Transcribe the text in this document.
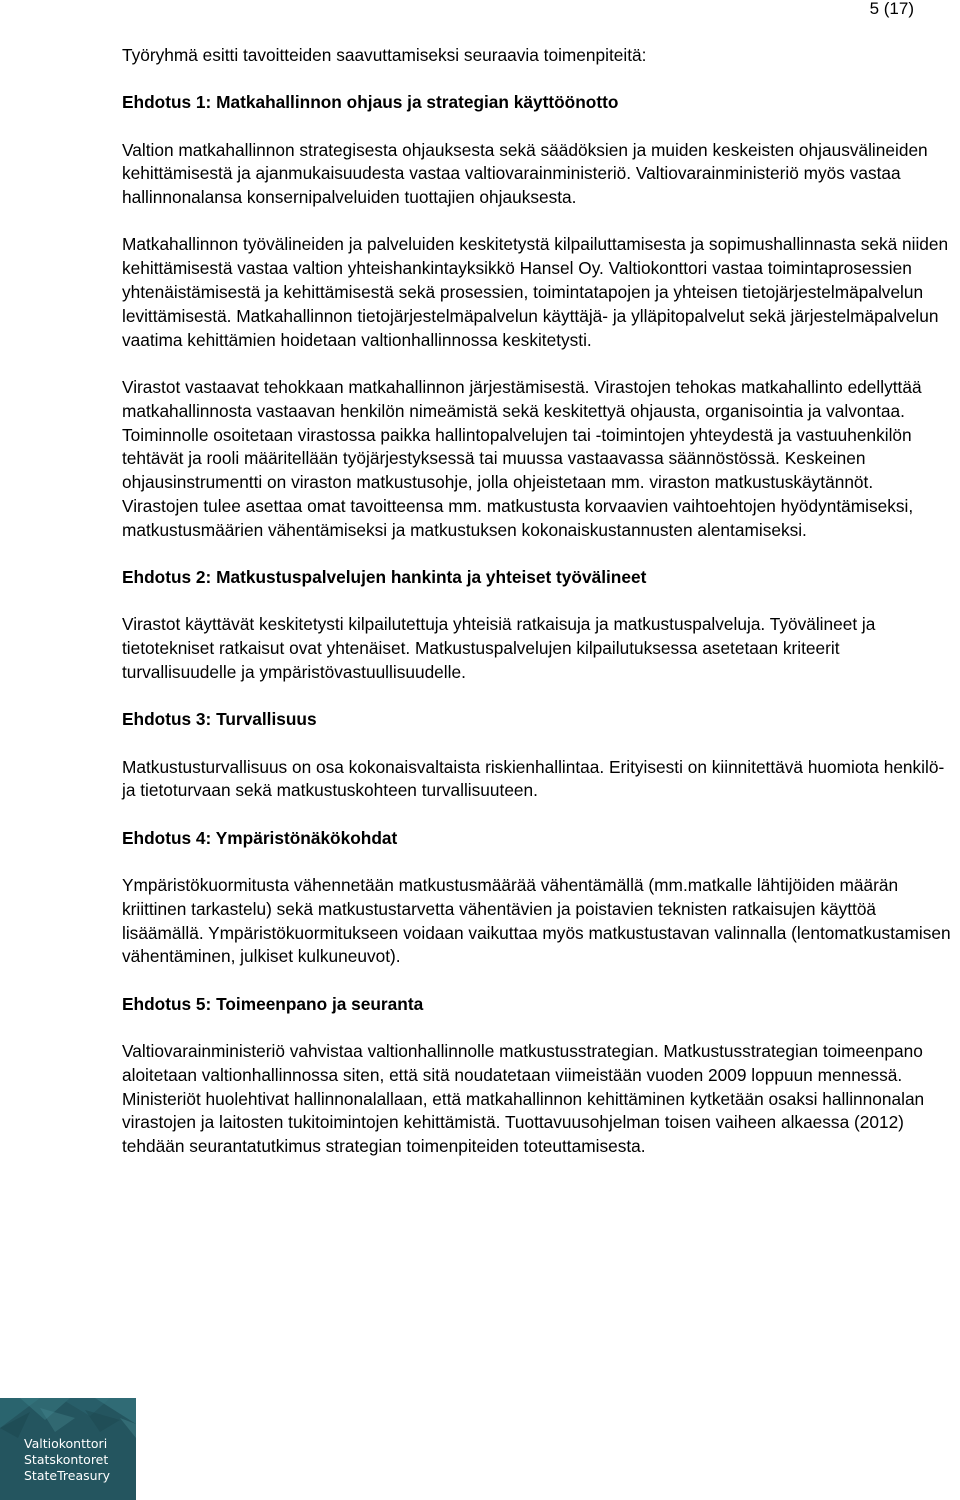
5 (17)

Työryhmä esitti tavoitteiden saavuttamiseksi seuraavia toimenpiteitä:

Ehdotus 1: Matkahallinnon ohjaus ja strategian käyttöönotto

Valtion matkahallinnon strategisesta ohjauksesta sekä säädöksien ja muiden keskeisten ohjausvälineiden kehittämisestä ja ajanmukaisuudesta vastaa valtiovarainministeriö. Valtiovarainministeriö myös vastaa hallinnonalansa konsernipalveluiden tuottajien ohjauksesta.

Matkahallinnon työvälineiden ja palveluiden keskitetystä kilpailuttamisesta ja sopimushallinnasta sekä niiden kehittämisestä vastaa valtion yhteishankintayksikkö Hansel Oy. Valtiokonttori vastaa toimintaprosessien yhtenäistämisestä ja kehittämisestä sekä prosessien, toimintatapojen ja yhteisen tietojärjestelmäpalvelun levittämisestä. Matkahallinnon tietojärjestelmäpalvelun käyttäjä- ja ylläpitopalvelut sekä järjestelmäpalvelun vaatima kehittämien hoidetaan valtionhallinnossa keskitetysti.

Virastot vastaavat tehokkaan matkahallinnon järjestämisestä. Virastojen tehokas matkahallinto edellyttää matkahallinnosta vastaavan henkilön nimeämistä sekä keskitettyä ohjausta, organisointia ja valvontaa. Toiminnolle osoitetaan virastossa paikka hallintopalvelujen tai -toimintojen yhteydestä ja vastuuhenkilön tehtävät ja rooli määritellään työjärjestyksessä tai muussa vastaavassa säännöstössä. Keskeinen ohjausinstrumentti on viraston matkustusohje, jolla ohjeistetaan mm. viraston matkustuskäytännöt. Virastojen tulee asettaa omat tavoitteensa mm. matkustusta korvaavien vaihtoehtojen hyödyntämiseksi, matkustusmäärien vähentämiseksi ja matkustuksen kokonaiskustannusten alentamiseksi.

Ehdotus 2: Matkustuspalvelujen hankinta ja yhteiset työvälineet

Virastot käyttävät keskitetysti kilpailutettuja yhteisiä ratkaisuja ja matkustuspalveluja. Työvälineet ja tietotekniset ratkaisut ovat yhtenäiset. Matkustuspalvelujen kilpailutuksessa asetetaan kriteerit turvallisuudelle ja ympäristövastuullisuudelle.

Ehdotus 3: Turvallisuus

Matkustusturvallisuus on osa kokonaisvaltaista riskienhallintaa. Erityisesti on kiinnitettävä huomiota henkilö- ja tietoturvaan sekä matkustuskohteen turvallisuuteen.

Ehdotus 4: Ympäristönäkökohdat

Ympäristökuormitusta vähennetään matkustusmäärää vähentämällä (mm.matkalle lähtijöiden määrän kriittinen tarkastelu) sekä matkustustarvetta vähentävien ja poistavien teknisten ratkaisujen käyttöä lisäämällä. Ympäristökuormitukseen voidaan vaikuttaa myös matkustustavan valinnalla (lentomatkustamisen vähentäminen, julkiset kulkuneuvot).

Ehdotus 5: Toimeenpano ja seuranta

Valtiovarainministeriö vahvistaa valtionhallinnolle matkustusstrategian. Matkustusstrategian toimeenpano aloitetaan valtionhallinnossa siten, että sitä noudatetaan viimeistään vuoden 2009 loppuun mennessä. Ministeriöt huolehtivat hallinnonalallaan, että matkahallinnon kehittäminen kytketään osaksi hallinnonalan virastojen ja laitosten tukitoimintojen kehittämistä. Tuottavuusohjelman toisen vaiheen alkaessa (2012) tehdään seurantatutkimus strategian toimenpiteiden toteuttamisesta.

Valtiokonttori
Statskontoret
StateTreasury
